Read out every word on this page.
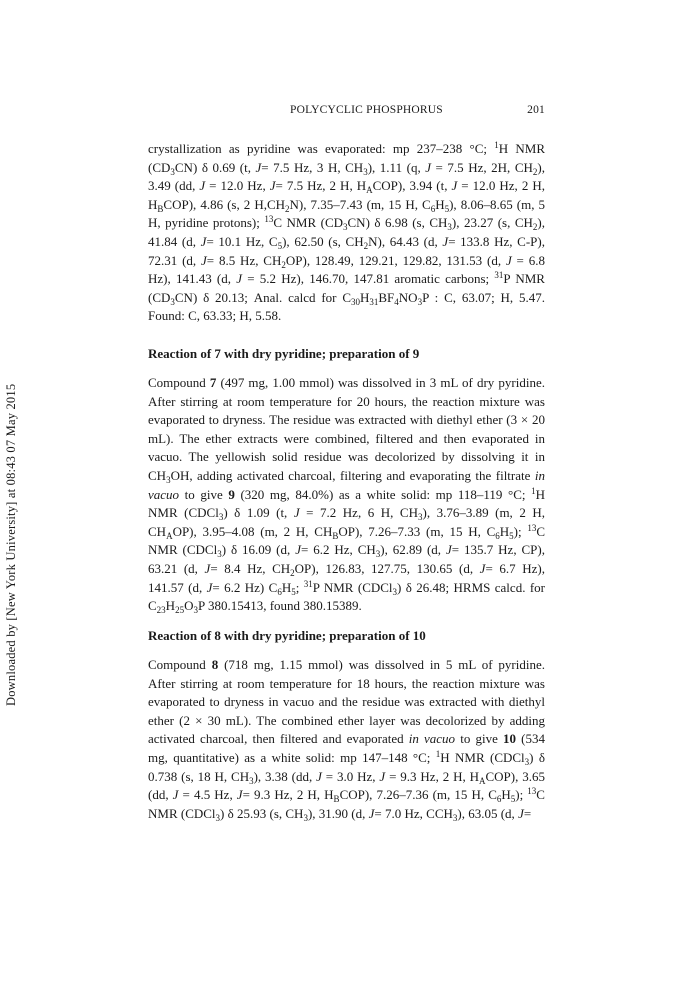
POLYCYCLIC PHOSPHORUS	201
Downloaded by [New York University] at 08:43 07 May 2015
crystallization as pyridine was evaporated: mp 237–238 °C; $^1$H NMR
$(CD_3CN)$ δ 0.69 (t, J= 7.5 Hz, 3 H, $CH_3$), 1.11 (q, J = 7.5 Hz, 2H, $CH_2$),
3.49 (dd, J = 12.0 Hz, J= 7.5 Hz, 2 H, $H_ACOP$), 3.94 (t, J = 12.0 Hz, 2 H,
$H_BCOP$), 4.86 (s, 2 $H,CH_2N$), 7.35–7.43 (m, 15 H, $C_6H_5$), 8.06–8.65 (m, 5
H, pyridine protons); $^{13}$C NMR $(CD_3CN)$ δ 6.98 (s, $CH_3$), 23.27 (s, $CH_2$),
41.84 (d, J= 10.1 Hz, $C_5$), 62.50 (s, $CH_2N$), 64.43 (d, J= 133.8 Hz, C-P),
72.31 (d, J= 8.5 Hz, $CH_2OP$), 128.49, 129.21, 129.82, 131.53 (d, J = 6.8
Hz), 141.43 (d, J = 5.2 Hz), 146.70, 147.81 aromatic carbons; $^{31}$P NMR
$(CD_3CN)$ δ 20.13; Anal. calcd for $C_{30}H_{31}BF_4NO_3P$ : C, 63.07; H, 5.47.
Found: C, 63.33; H, 5.58.
Reaction of 7 with dry pyridine; preparation of 9
Compound 7 (497 mg, 1.00 mmol) was dissolved in 3 mL of dry pyridine.
After stirring at room temperature for 20 hours, the reaction mixture was
evaporated to dryness. The residue was extracted with diethyl ether (3 × 20
mL). The ether extracts were combined, filtered and then evaporated in
vacuo. The yellowish solid residue was decolorized by dissolving it in
$CH_3OH$, adding activated charcoal, filtering and evaporating the filtrate in
vacuo to give 9 (320 mg, 84.0%) as a white solid: mp 118–119 °C; $^1$H
NMR (CDCl$_3$) δ 1.09 (t, J = 7.2 Hz, 6 H, $CH_3$), 3.76–3.89 (m, 2 H,
$CH_AOP$), 3.95–4.08 (m, 2 H, $CH_BOP$), 7.26–7.33 (m, 15 H, $C_6H_5$); $^{13}$C
NMR (CDCl$_3$) δ 16.09 (d, J= 6.2 Hz, $CH_3$), 62.89 (d, J= 135.7 Hz, CP),
63.21 (d, J= 8.4 Hz, $CH_2OP$), 126.83, 127.75, 130.65 (d, J= 6.7 Hz),
141.57 (d, J= 6.2 Hz) $C_6H_5$; $^{31}$P NMR (CDCl$_3$) δ 26.48; HRMS calcd. for
$C_{23}H_{25}O_3P$ 380.15413, found 380.15389.
Reaction of 8 with dry pyridine; preparation of 10
Compound 8 (718 mg, 1.15 mmol) was dissolved in 5 mL of pyridine.
After stirring at room temperature for 18 hours, the reaction mixture was
evaporated to dryness in vacuo and the residue was extracted with diethyl
ether (2 × 30 mL). The combined ether layer was decolorized by adding
activated charcoal, then filtered and evaporated in vacuo to give 10 (534
mg, quantitative) as a white solid: mp 147–148 °C; $^1$H NMR (CDCl$_3$) δ
0.738 (s, 18 H, $CH_3$), 3.38 (dd, J = 3.0 Hz, J = 9.3 Hz, 2 H, $H_ACOP$), 3.65
(dd, J = 4.5 Hz, J= 9.3 Hz, 2 H, $H_BCOP$), 7.26–7.36 (m, 15 H, $C_6H_5$); $^{13}$C
NMR (CDCl$_3$) δ 25.93 (s, $CH_3$), 31.90 (d, J= 7.0 Hz, $CCH_3$), 63.05 (d, J=
